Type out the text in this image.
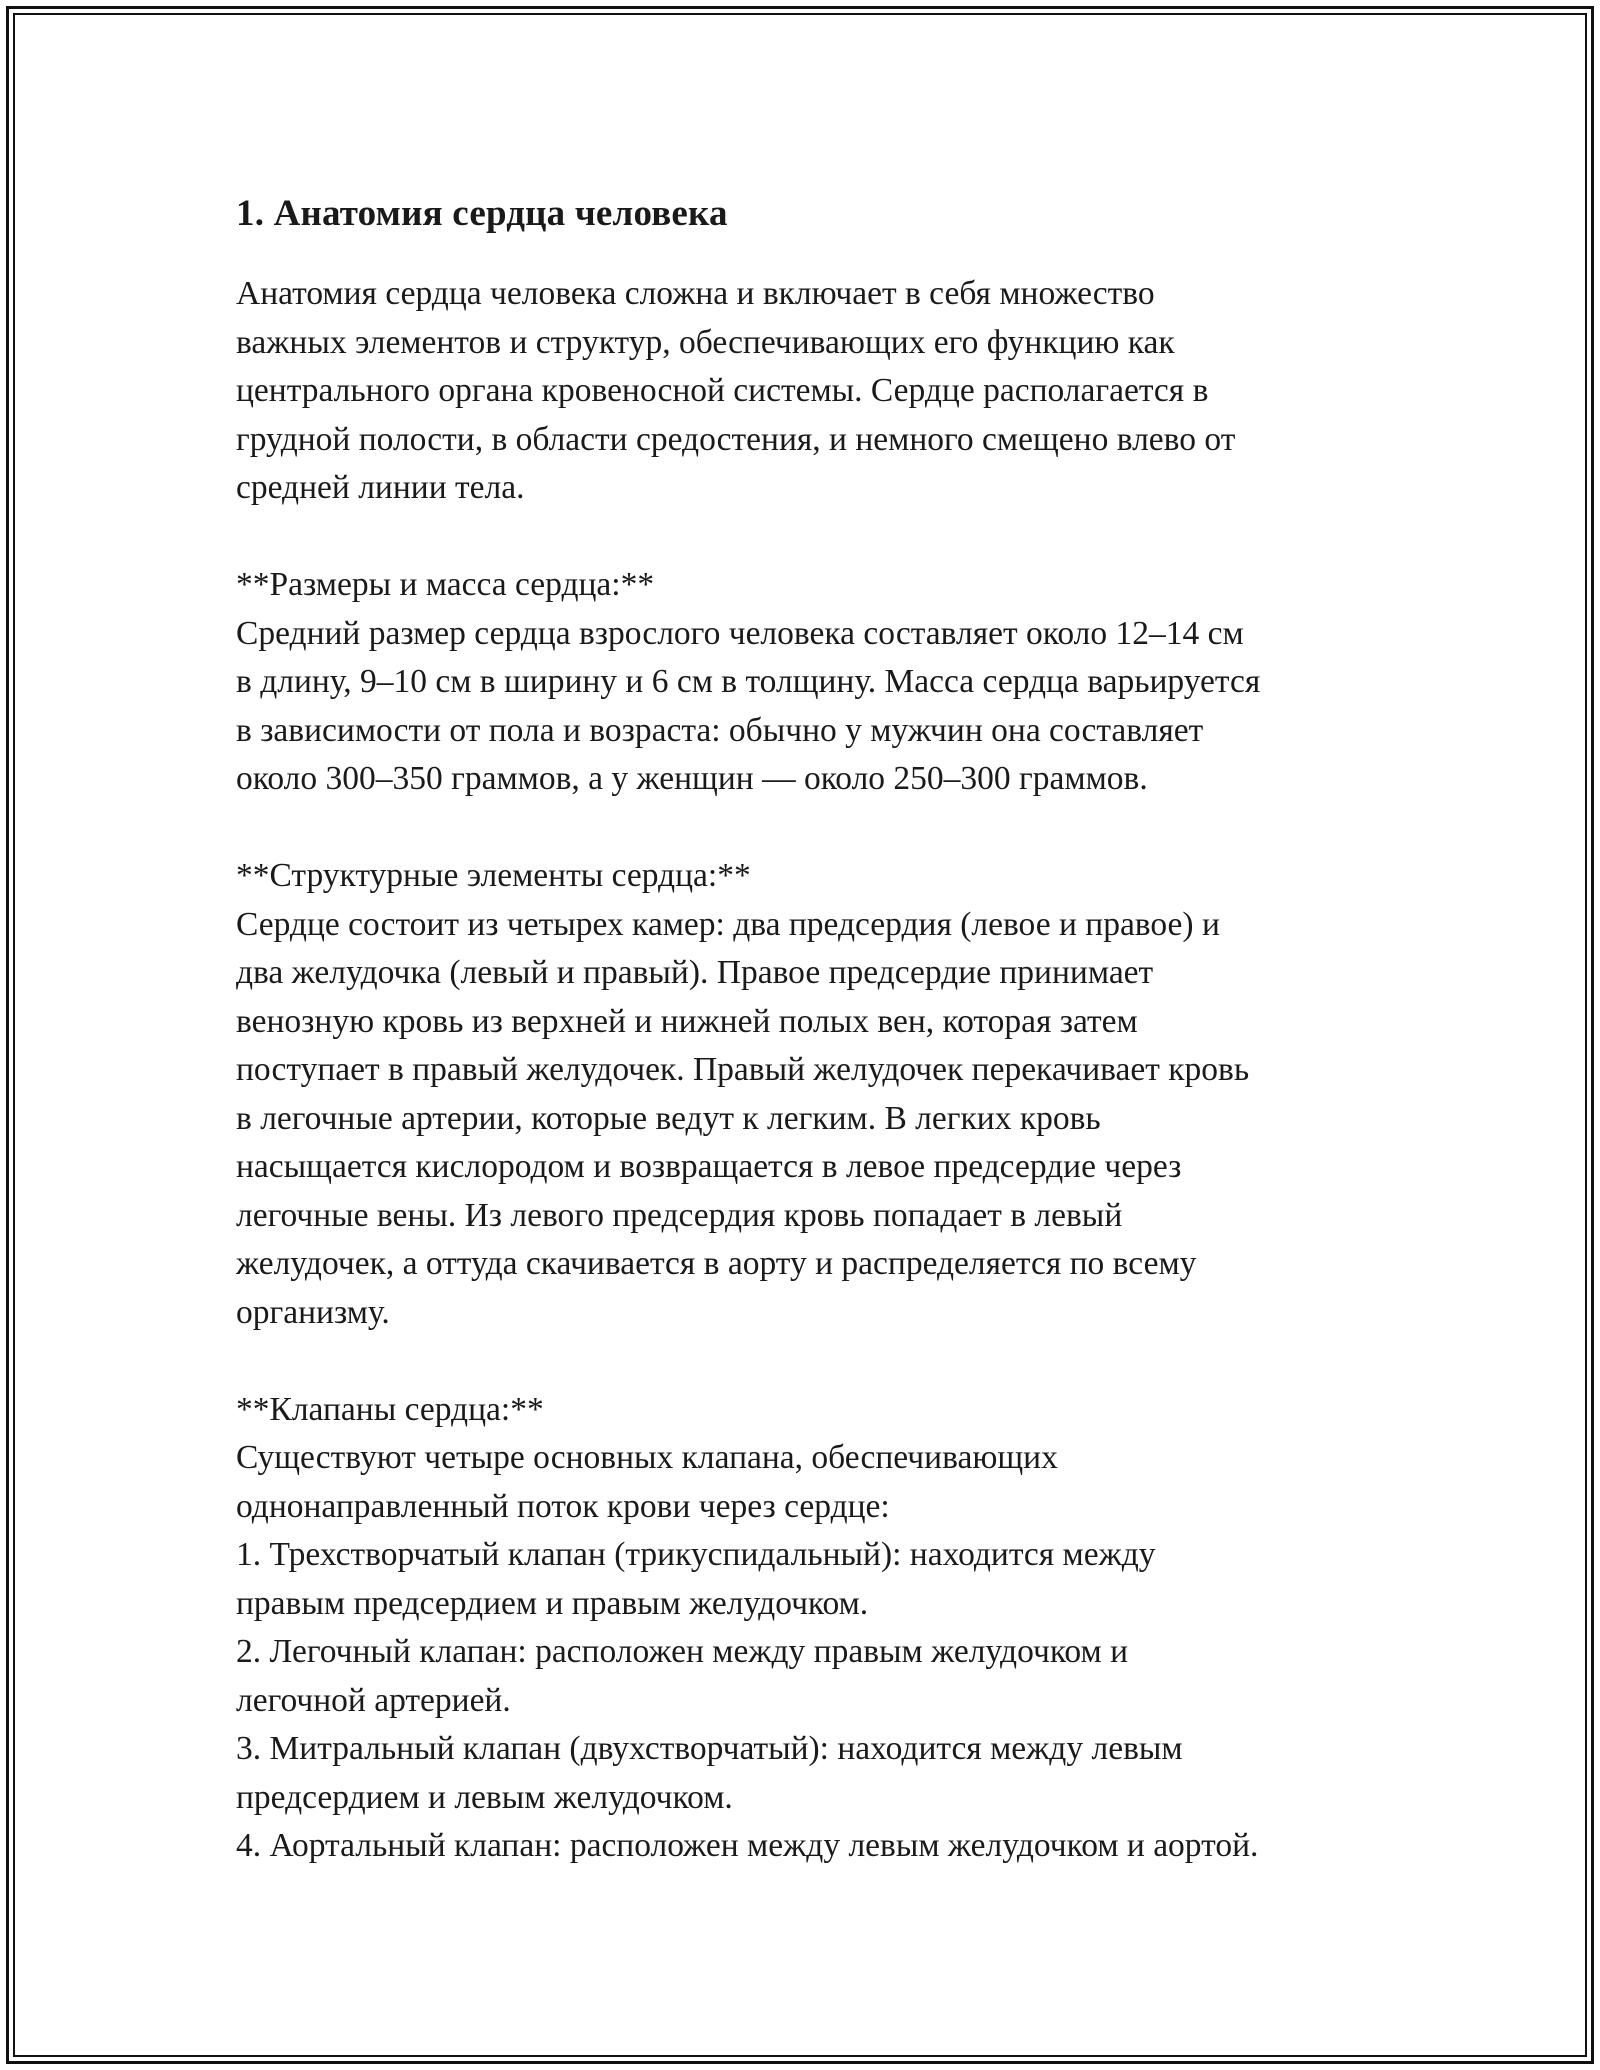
1. Анатомия сердца человека
Анатомия сердца человека сложна и включает в себя множество
важных элементов и структур, обеспечивающих его функцию как
центрального органа кровеносной системы. Сердце располагается в
грудной полости, в области средостения, и немного смещено влево от
средней линии тела.
**Размеры и масса сердца:**
Средний размер сердца взрослого человека составляет около 12–14 см
в длину, 9–10 см в ширину и 6 см в толщину. Масса сердца варьируется
в зависимости от пола и возраста: обычно у мужчин она составляет
около 300–350 граммов, а у женщин — около 250–300 граммов.
**Структурные элементы сердца:**
Сердце состоит из четырех камер: два предсердия (левое и правое) и
два желудочка (левый и правый). Правое предсердие принимает
венозную кровь из верхней и нижней полых вен, которая затем
поступает в правый желудочек. Правый желудочек перекачивает кровь
в легочные артерии, которые ведут к легким. В легких кровь
насыщается кислородом и возвращается в левое предсердие через
легочные вены. Из левого предсердия кровь попадает в левый
желудочек, а оттуда скачивается в аорту и распределяется по всему
организму.
**Клапаны сердца:**
Существуют четыре основных клапана, обеспечивающих
однонаправленный поток крови через сердце:
1. Трехстворчатый клапан (трикуспидальный): находится между
правым предсердием и правым желудочком.
2. Легочный клапан: расположен между правым желудочком и
легочной артерией.
3. Митральный клапан (двухстворчатый): находится между левым
предсердием и левым желудочком.
4. Аортальный клапан: расположен между левым желудочком и аортой.
